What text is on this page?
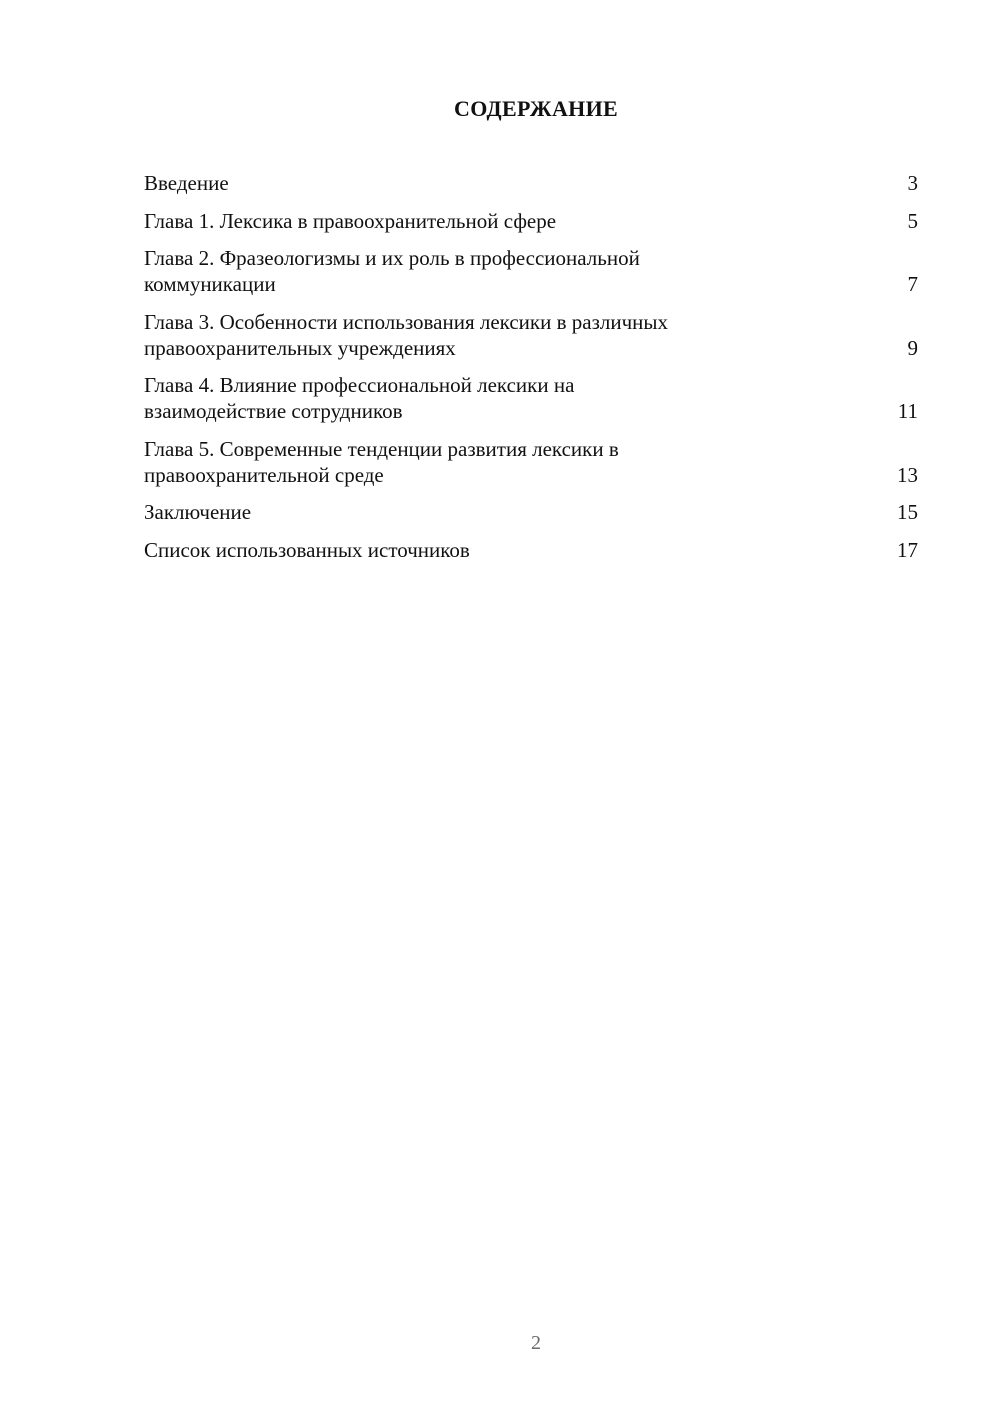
СОДЕРЖАНИЕ
Введение	3
Глава 1. Лексика в правоохранительной сфере	5
Глава 2. Фразеологизмы и их роль в профессиональной
коммуникации	7
Глава 3. Особенности использования лексики в различных
правоохранительных учреждениях	9
Глава 4. Влияние профессиональной лексики на
взаимодействие сотрудников	11
Глава 5. Современные тенденции развития лексики в
правоохранительной среде	13
Заключение	15
Список использованных источников	17

2
